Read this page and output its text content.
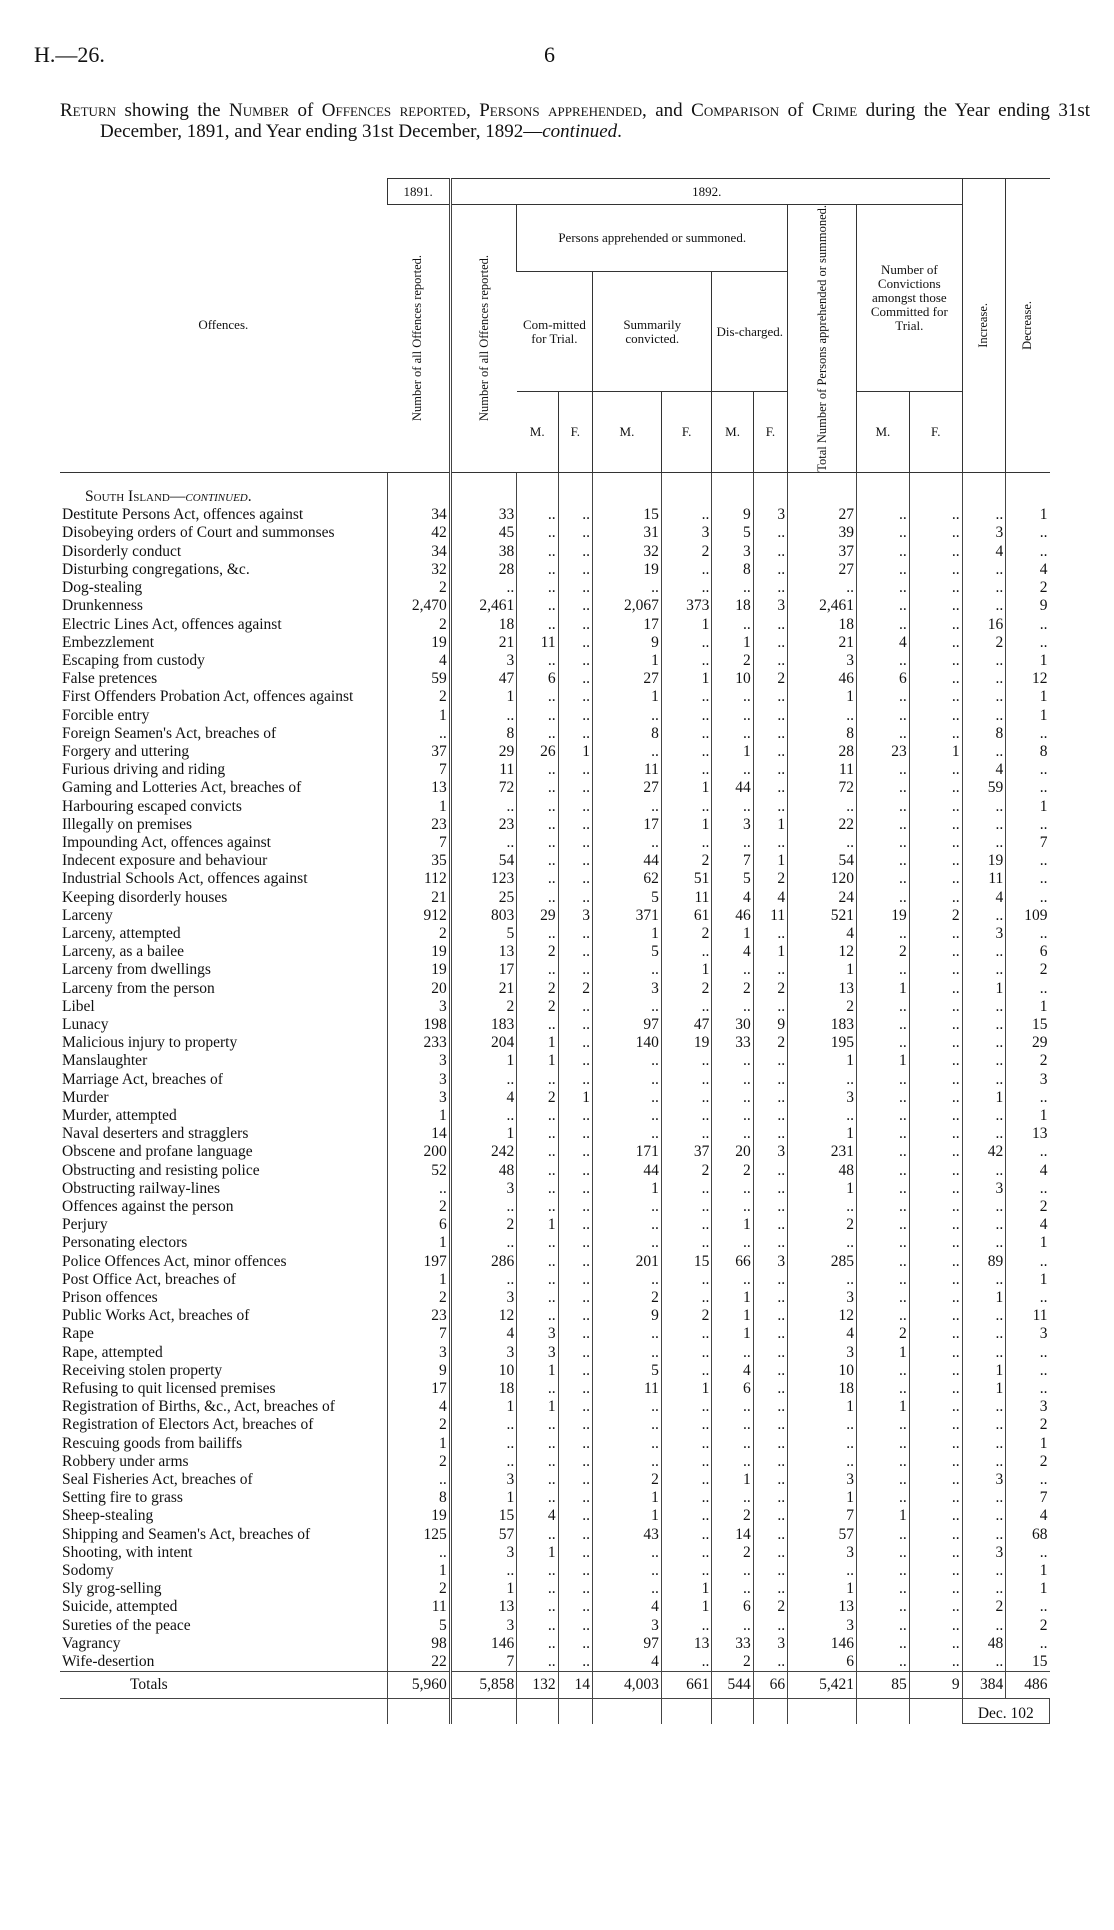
H.—26.	6
Return showing the Number of Offences reported, Persons apprehended, and Comparison of Crime during the Year ending 31st December, 1891, and Year ending 31st December, 1892—continued.
Offences.	1891.	1892.										Increase.	Decrease.

	Number of all Offences reported.	Number of all Offences reported.	Persons apprehended or summoned.						Total Number of Persons apprehended or summoned.	Number of Convictions amongst those Committed for Trial.			
			Com-mitted for Trial.		Summarily convicted.		Dis-charged.						
			M.	F.	M.	F.	M.	F.		M.	F.		
South Island—continued.													
Destitute Persons Act, offences against	34	33	..	..	15	..	9	3	27	..	..	..	1
Disobeying orders of Court and summonses	42	45	..	..	31	3	5	..	39	..	..	3	..
Disorderly conduct	34	38	..	..	32	2	3	..	37	..	..	4	..
Disturbing congregations, &c.	32	28	..	..	19	..	8	..	27	..	..	..	4
Dog-stealing	2	..	..	..	..	..	..	..	..	..	..	..	2
Drunkenness	2,470	2,461	..	..	2,067	373	18	3	2,461	..	..	..	9
Electric Lines Act, offences against	2	18	..	..	17	1	..	..	18	..	..	16	..
Embezzlement	19	21	11	..	9	..	1	..	21	4	..	2	..
Escaping from custody	4	3	..	..	1	..	2	..	3	..	..	..	1
False pretences	59	47	6	..	27	1	10	2	46	6	..	..	12
First Offenders Probation Act, offences against	2	1	..	..	1	..	..	..	1	..	..	..	1
Forcible entry	1	..	..	..	..	..	..	..	..	..	..	..	1
Foreign Seamen's Act, breaches of	..	8	..	..	8	..	..	..	8	..	..	8	..
Forgery and uttering	37	29	26	1	..	..	1	..	28	23	1	..	8
Furious driving and riding	7	11	..	..	11	..	..	..	11	..	..	4	..
Gaming and Lotteries Act, breaches of	13	72	..	..	27	1	44	..	72	..	..	59	..
Harbouring escaped convicts	1	..	..	..	..	..	..	..	..	..	..	..	1
Illegally on premises	23	23	..	..	17	1	3	1	22	..	..	..	..
Impounding Act, offences against	7	..	..	..	..	..	..	..	..	..	..	..	7
Indecent exposure and behaviour	35	54	..	..	44	2	7	1	54	..	..	19	..
Industrial Schools Act, offences against	112	123	..	..	62	51	5	2	120	..	..	11	..
Keeping disorderly houses	21	25	..	..	5	11	4	4	24	..	..	4	..
Larceny	912	803	29	3	371	61	46	11	521	19	2	..	109
Larceny, attempted	2	5	..	..	1	2	1	..	4	..	..	3	..
Larceny, as a bailee	19	13	2	..	5	..	4	1	12	2	..	..	6
Larceny from dwellings	19	17	..	..	..	1	..	..	1	..	..	..	2
Larceny from the person	20	21	2	2	3	2	2	2	13	1	..	1	..
Libel	3	2	2	..	..	..	..	..	2	..	..	..	1
Lunacy	198	183	..	..	97	47	30	9	183	..	..	..	15
Malicious injury to property	233	204	1	..	140	19	33	2	195	..	..	..	29
Manslaughter	3	1	1	..	..	..	..	..	1	1	..	..	2
Marriage Act, breaches of	3	..	..	..	..	..	..	..	..	..	..	..	3
Murder	3	4	2	1	..	..	..	..	3	..	..	1	..
Murder, attempted	1	..	..	..	..	..	..	..	..	..	..	..	1
Naval deserters and stragglers	14	1	..	..	..	..	..	..	1	..	..	..	13
Obscene and profane language	200	242	..	..	171	37	20	3	231	..	..	42	..
Obstructing and resisting police	52	48	..	..	44	2	2	..	48	..	..	..	4
Obstructing railway-lines	..	3	..	..	1	..	..	..	1	..	..	3	..
Offences against the person	2	..	..	..	..	..	..	..	..	..	..	..	2
Perjury	6	2	1	..	..	..	1	..	2	..	..	..	4
Personating electors	1	..	..	..	..	..	..	..	..	..	..	..	1
Police Offences Act, minor offences	197	286	..	..	201	15	66	3	285	..	..	89	..
Post Office Act, breaches of	1	..	..	..	..	..	..	..	..	..	..	..	1
Prison offences	2	3	..	..	2	..	1	..	3	..	..	1	..
Public Works Act, breaches of	23	12	..	..	9	2	1	..	12	..	..	..	11
Rape	7	4	3	..	..	..	1	..	4	2	..	..	3
Rape, attempted	3	3	3	..	..	..	..	..	3	1	..	..	..
Receiving stolen property	9	10	1	..	5	..	4	..	10	..	..	1	..
Refusing to quit licensed premises	17	18	..	..	11	1	6	..	18	..	..	1	..
Registration of Births, &c., Act, breaches of	4	1	1	..	..	..	..	..	1	1	..	..	3
Registration of Electors Act, breaches of	2	..	..	..	..	..	..	..	..	..	..	..	2
Rescuing goods from bailiffs	1	..	..	..	..	..	..	..	..	..	..	..	1
Robbery under arms	2	..	..	..	..	..	..	..	..	..	..	..	2
Seal Fisheries Act, breaches of	..	3	..	..	2	..	1	..	3	..	..	3	..
Setting fire to grass	8	1	..	..	1	..	..	..	1	..	..	..	7
Sheep-stealing	19	15	4	..	1	..	2	..	7	1	..	..	4
Shipping and Seamen's Act, breaches of	125	57	..	..	43	..	14	..	57	..	..	..	68
Shooting, with intent	..	3	1	..	..	..	2	..	3	..	..	3	..
Sodomy	1	..	..	..	..	..	..	..	..	..	..	..	1
Sly grog-selling	2	1	..	..	..	1	..	..	1	..	..	..	1
Suicide, attempted	11	13	..	..	4	1	6	2	13	..	..	2	..
Sureties of the peace	5	3	..	..	3	..	..	..	3	..	..	..	2
Vagrancy	98	146	..	..	97	13	33	3	146	..	..	48	..
Wife-desertion	22	7	..	..	4	..	2	..	6	..	..	..	15
Totals	5,960	5,858	132	14	4,003	661	544	66	5,421	85	9	384	486
												Dec. 102	
